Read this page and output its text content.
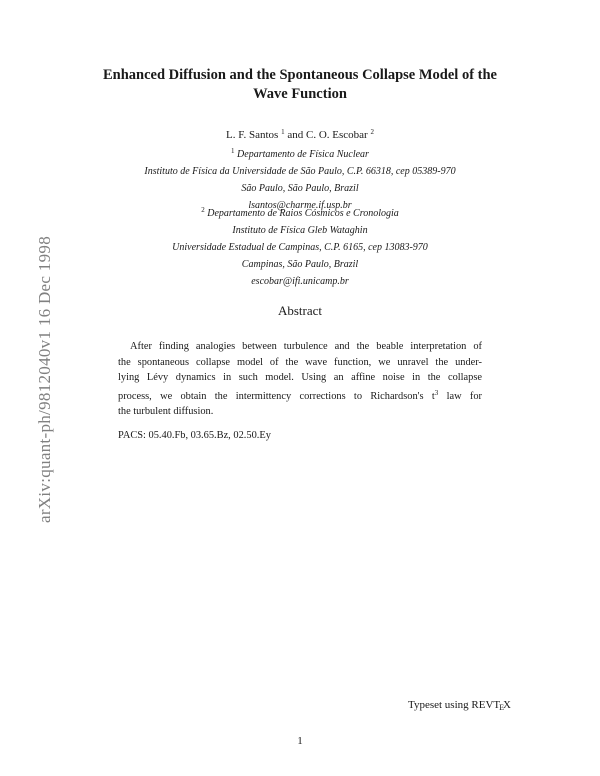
arXiv:quant-ph/9812040v1 16 Dec 1998
Enhanced Diffusion and the Spontaneous Collapse Model of the
Wave Function
L. F. Santos $^1$ and C. O. Escobar $^2$
$^1$ Departamento de Física Nuclear
Instituto de Física da Universidade de São Paulo, C.P. 66318, cep 05389-970
São Paulo, São Paulo, Brazil
lsantos@charme.if.usp.br
$^2$ Departamento de Raios Cósmicos e Cronologia
Instituto de Física Gleb Wataghin
Universidade Estadual de Campinas, C.P. 6165, cep 13083-970
Campinas, São Paulo, Brazil
escobar@ifi.unicamp.br
Abstract
After finding analogies between turbulence and the beable interpretation of
the spontaneous collapse model of the wave function, we unravel the under-
lying Lévy dynamics in such model. Using an affine noise in the collapse
process, we obtain the intermittency corrections to Richardson's $t^3$ law for
the turbulent diffusion.
PACS: 05.40.Fb, 03.65.Bz, 02.50.Ey
Typeset using REVTEX
1
